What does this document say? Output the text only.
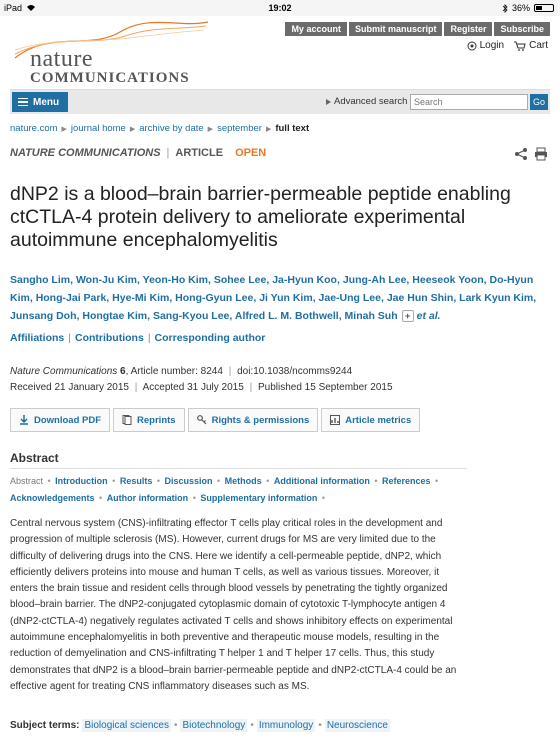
iPad	19:02	36%
nature
COMMUNICATIONS
My account	Submit manuscript	Register	Subscribe
Login	Cart
Menu	Advanced search
Search	Go
nature.com ▶ journal home ▶ archive by date ▶ september ▶ full text
NATURE COMMUNICATIONS | ARTICLE OPEN
dNP2 is a blood–brain barrier-permeable peptide enabling ctCTLA-4 protein delivery to ameliorate experimental autoimmune encephalomyelitis
Sangho Lim, Won-Ju Kim, Yeon-Ho Kim, Sohee Lee, Ja-Hyun Koo, Jung-Ah Lee, Heeseok Yoon, Do-Hyun Kim, Hong-Jai Park, Hye-Mi Kim, Hong-Gyun Lee, Ji Yun Kim, Jae-Ung Lee, Jae Hun Shin, Lark Kyun Kim, Junsang Doh, Hongtae Kim, Sang-Kyou Lee, Alfred L. M. Bothwell, Minah Suh + et al.
Affiliations | Contributions | Corresponding author
Nature Communications 6, Article number: 8244 | doi:10.1038/ncomms9244
Received 21 January 2015 | Accepted 31 July 2015 | Published 15 September 2015
Download PDF	Reprints	Rights & permissions	Article metrics
Abstract
Abstract • Introduction • Results • Discussion • Methods • Additional information • References • Acknowledgements • Author information • Supplementary information •

Central nervous system (CNS)-infiltrating effector T cells play critical roles in the development and progression of multiple sclerosis (MS). However, current drugs for MS are very limited due to the difficulty of delivering drugs into the CNS. Here we identify a cell-permeable peptide, dNP2, which efficiently delivers proteins into mouse and human T cells, as well as various tissues. Moreover, it enters the brain tissue and resident cells through blood vessels by penetrating the tightly organized blood–brain barrier. The dNP2-conjugated cytoplasmic domain of cytotoxic T-lymphocyte antigen 4 (dNP2-ctCTLA-4) negatively regulates activated T cells and shows inhibitory effects on experimental autoimmune encephalomyelitis in both preventive and therapeutic mouse models, resulting in the reduction of demyelination and CNS-infiltrating T helper 1 and T helper 17 cells. Thus, this study demonstrates that dNP2 is a blood–brain barrier-permeable peptide and dNP2-ctCTLA-4 could be an effective agent for treating CNS inflammatory diseases such as MS.

Subject terms: Biological sciences • Biotechnology • Immunology • Neuroscience
